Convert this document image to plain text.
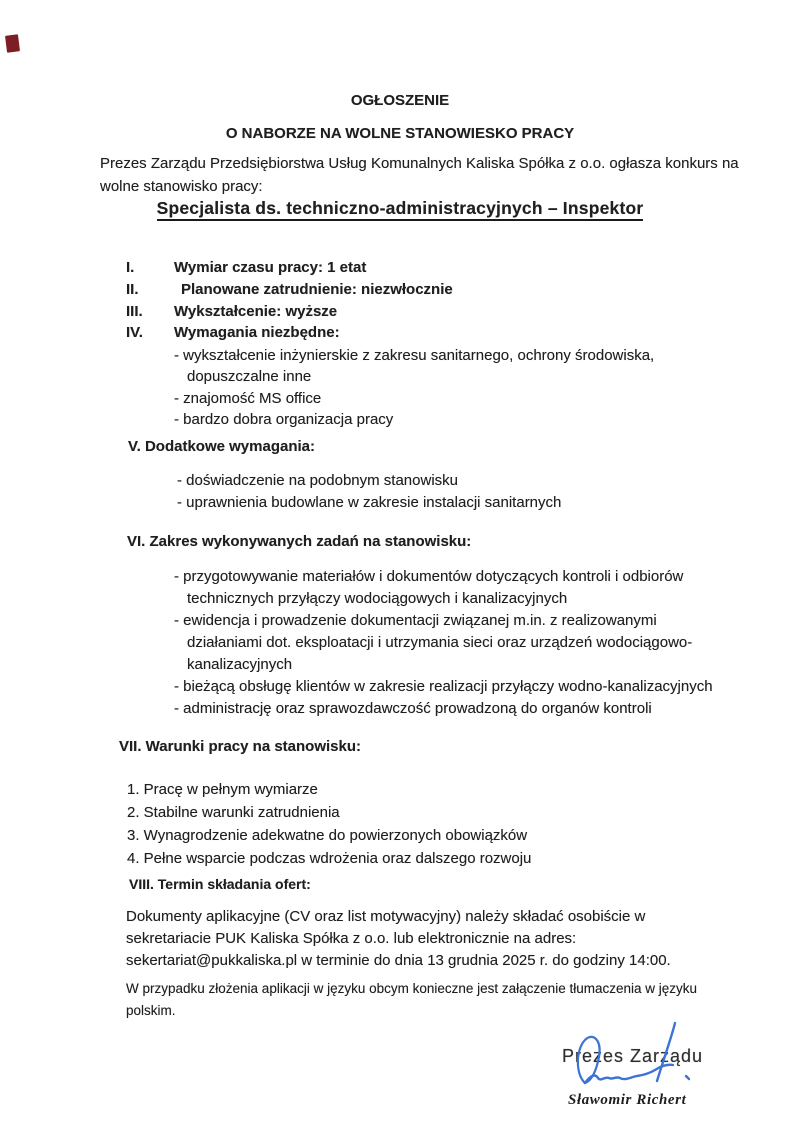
OGŁOSZENIE
O NABORZE NA WOLNE STANOWIESKO PRACY
Prezes Zarządu Przedsiębiorstwa Usług Komunalnych Kaliska Spółka z o.o. ogłasza konkurs na
wolne stanowisko pracy:
Specjalista ds. techniczno-administracyjnych – Inspektor
I.	Wymiar czasu pracy: 1 etat
II.	Planowane zatrudnienie: niezwłocznie
III. Wykształcenie: wyższe
IV. Wymagania niezbędne:
- wykształcenie inżynierskie z zakresu sanitarnego, ochrony środowiska,
dopuszczalne inne
- znajomość MS office
- bardzo dobra organizacja pracy
V. Dodatkowe wymagania:
- doświadczenie na podobnym stanowisku
- uprawnienia budowlane w zakresie instalacji sanitarnych
VI. Zakres wykonywanych zadań na stanowisku:
- przygotowywanie materiałów i dokumentów dotyczących kontroli i odbiorów
technicznych przyłączy wodociągowych i kanalizacyjnych
- ewidencja i prowadzenie dokumentacji związanej m.in. z realizowanymi
działaniami dot. eksploatacji i utrzymania sieci oraz urządzeń wodociągowo-
kanalizacyjnych
- bieżącą obsługę klientów w zakresie realizacji przyłączy wodno-kanalizacyjnych
- administrację oraz sprawozdawczość prowadzoną do organów kontroli
VII. Warunki pracy na stanowisku:
1. Pracę w pełnym wymiarze
2. Stabilne warunki zatrudnienia
3. Wynagrodzenie adekwatne do powierzonych obowiązków
4. Pełne wsparcie podczas wdrożenia oraz dalszego rozwoju
VIII. Termin składania ofert:
Dokumenty aplikacyjne (CV oraz list motywacyjny) należy składać osobiście w
sekretariacie PUK Kaliska Spółka z o.o. lub elektronicznie na adres:
sekertariat@pukkaliska.pl w terminie do dnia 13 grudnia 2025 r. do godziny 14:00.
W przypadku złożenia aplikacji w języku obcym konieczne jest załączenie tłumaczenia w języku
polskim.
Prezes Zarządu
Sławomir Richert
